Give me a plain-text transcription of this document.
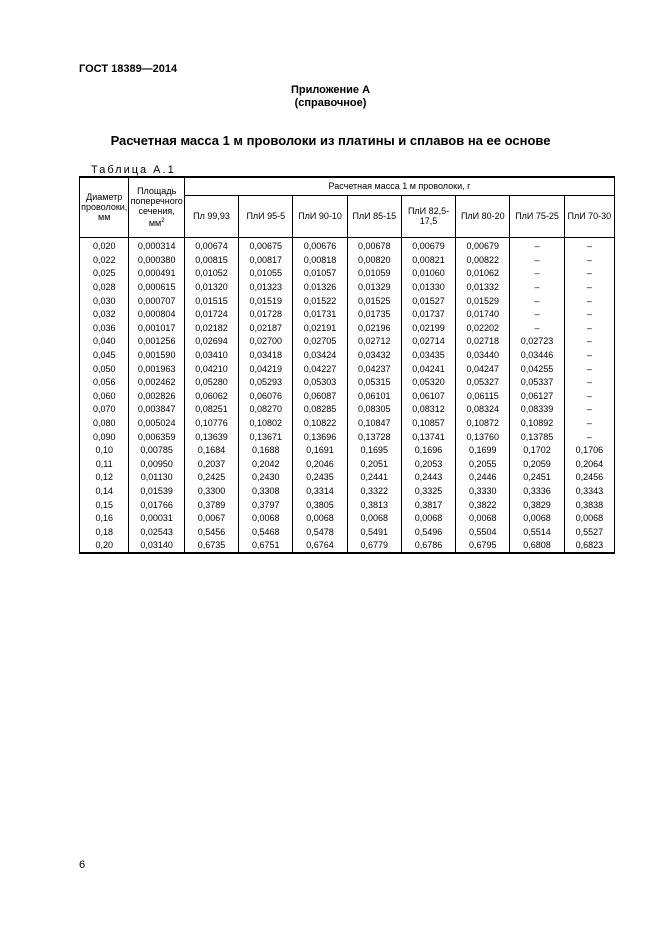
ГОСТ 18389—2014
Приложение А
(справочное)
Расчетная масса 1 м проволоки из платины и сплавов на ее основе
Таблица А.1
Диаметр проволоки, мм	Площадь поперечного сечения, $мм^2$	Расчетная масса 1 м проволоки, г							
		Пл 99,93	ПлИ 95-5	ПлИ 90-10	ПлИ 85-15	ПлИ 82,5-17,5	ПлИ 80-20	ПлИ 75-25	ПлИ 70-30
0,020	0,000314	0,00674	0,00675	0,00676	0,00678	0,00679	0,00679	–	–
0,022	0,000380	0,00815	0,00817	0,00818	0,00820	0,00821	0,00822	–	–
0,025	0,000491	0,01052	0,01055	0,01057	0,01059	0,01060	0,01062	–	–
0,028	0,000615	0,01320	0,01323	0,01326	0,01329	0,01330	0,01332	–	–
0,030	0,000707	0,01515	0,01519	0,01522	0,01525	0,01527	0,01529	–	–
0,032	0,000804	0,01724	0,01728	0,01731	0,01735	0,01737	0,01740	–	–
0,036	0,001017	0,02182	0,02187	0,02191	0,02196	0,02199	0,02202	–	–
0,040	0,001256	0,02694	0,02700	0,02705	0,02712	0,02714	0,02718	0,02723	–
0,045	0,001590	0,03410	0,03418	0,03424	0,03432	0,03435	0,03440	0,03446	–
0,050	0,001963	0,04210	0,04219	0,04227	0,04237	0,04241	0,04247	0,04255	–
0,056	0,002462	0,05280	0,05293	0,05303	0,05315	0,05320	0,05327	0,05337	–
0,060	0,002826	0,06062	0,06076	0,06087	0,06101	0,06107	0,06115	0,06127	–
0,070	0,003847	0,08251	0,08270	0,08285	0,08305	0,08312	0,08324	0,08339	–
0,080	0,005024	0,10776	0,10802	0,10822	0,10847	0,10857	0,10872	0,10892	–
0,090	0,006359	0,13639	0,13671	0,13696	0,13728	0,13741	0,13760	0,13785	–
0,10	0,00785	0,1684	0,1688	0,1691	0,1695	0,1696	0,1699	0,1702	0,1706
0,11	0,00950	0,2037	0,2042	0,2046	0,2051	0,2053	0,2055	0,2059	0,2064
0,12	0,01130	0,2425	0,2430	0,2435	0,2441	0,2443	0,2446	0,2451	0,2456
0,14	0,01539	0,3300	0,3308	0,3314	0,3322	0,3325	0,3330	0,3336	0,3343
0,15	0,01766	0,3789	0,3797	0,3805	0,3813	0,3817	0,3822	0,3829	0,3838
0,16	0,00031	0,0067	0,0068	0,0068	0,0068	0,0068	0,0068	0,0068	0,0068
0,18	0,02543	0,5456	0,5468	0,5478	0,5491	0,5496	0,5504	0,5514	0,5527
0,20	0,03140	0,6735	0,6751	0,6764	0,6779	0,6786	0,6795	0,6808	0,6823
6
